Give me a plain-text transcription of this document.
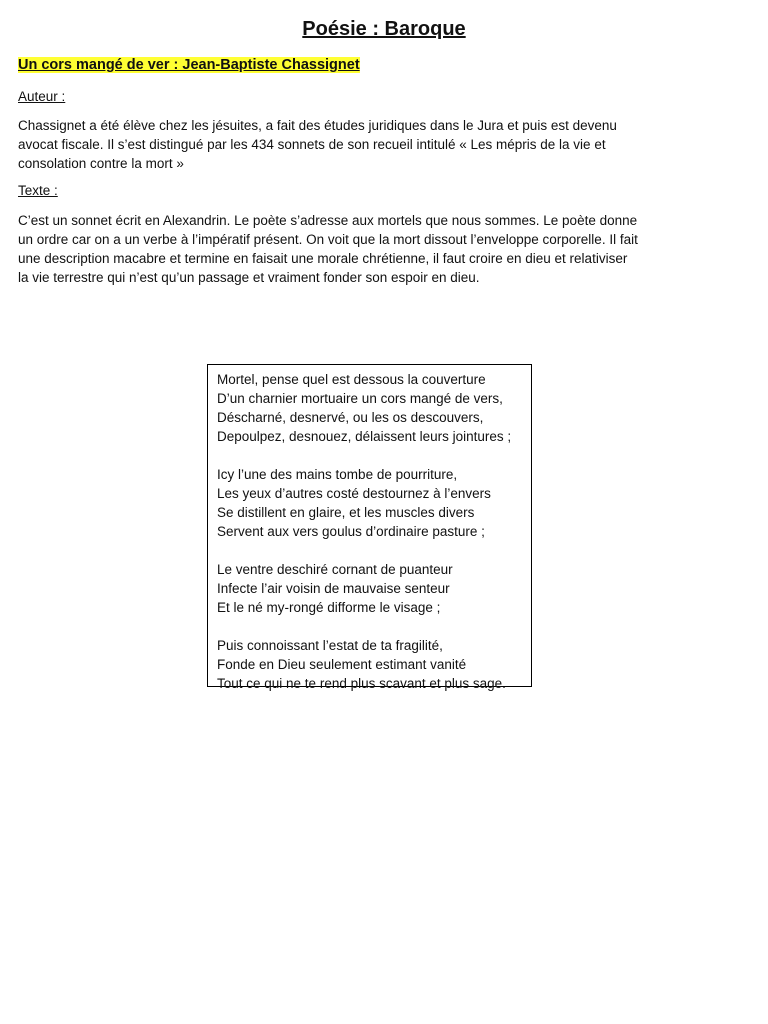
Poésie : Baroque

Un cors mangé de ver : Jean-Baptiste Chassignet

Auteur :

Chassignet a été élève chez les jésuites, a fait des études juridiques dans le Jura et puis est devenu

avocat fiscale. Il s’est distingué par les 434 sonnets de son recueil intitulé « Les mépris de la vie et

consolation contre la mort »

Texte :

C’est un sonnet écrit en Alexandrin. Le poète s’adresse aux mortels que nous sommes. Le poète donne

un ordre car on a un verbe à l’impératif présent. On voit que la mort dissout l’enveloppe corporelle. Il fait

une description macabre et termine en faisait une morale chrétienne, il faut croire en dieu et relativiser

la vie terrestre qui n’est qu’un passage et vraiment fonder son espoir en dieu.

Mortel, pense quel est dessous la couverture
D’un charnier mortuaire un cors mangé de vers,
Déscharné, desnervé, ou les os descouvers,
Depoulpez, desnouez, délaissent leurs jointures ;
Icy l’une des mains tombe de pourriture,
Les yeux d’autres costé destournez à l’envers
Se distillent en glaire, et les muscles divers
Servent aux vers goulus d’ordinaire pasture ;
Le ventre deschiré cornant de puanteur
Infecte l’air voisin de mauvaise senteur
Et le né my-rongé difforme le visage ;
Puis connoissant l’estat de ta fragilité,
Fonde en Dieu seulement estimant vanité
Tout ce qui ne te rend plus scavant et plus sage.
